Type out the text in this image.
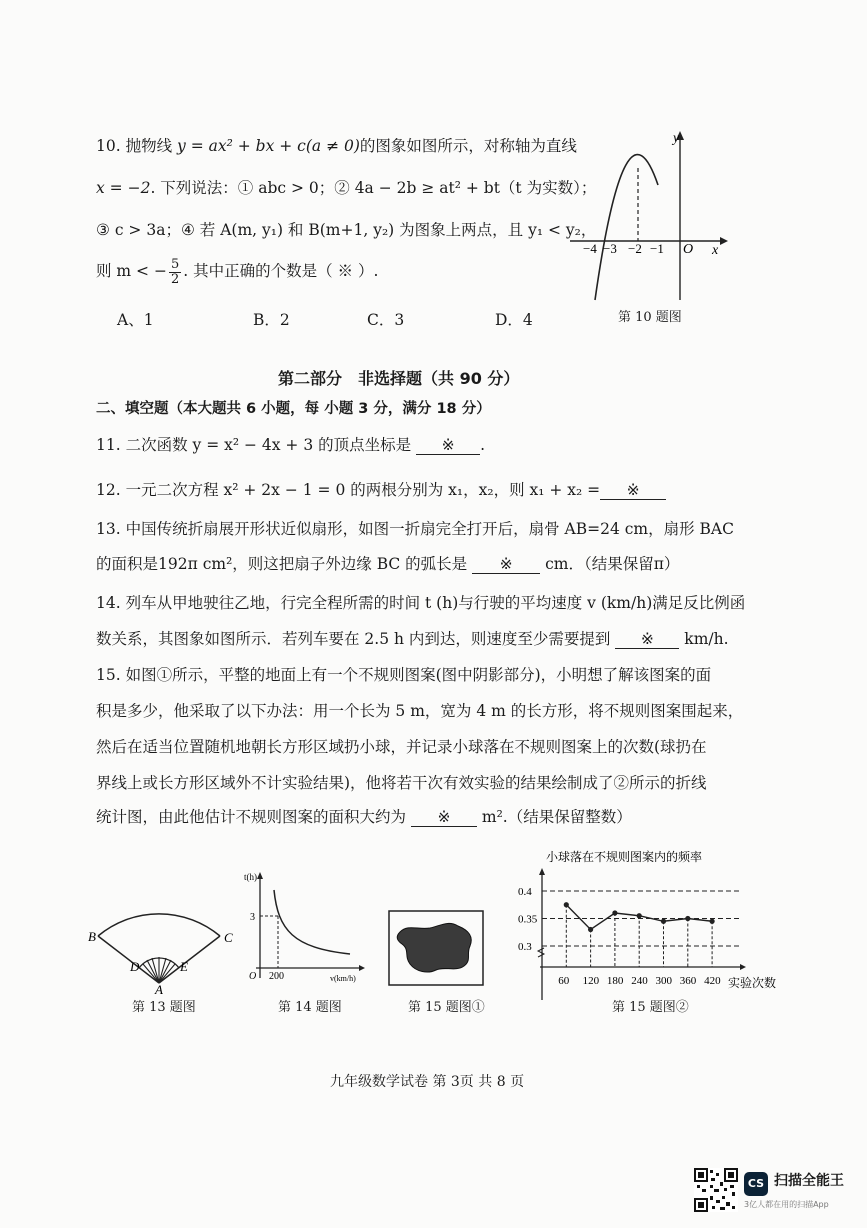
10. 抛物线 y = ax² + bx + c(a ≠ 0)的图象如图所示，对称轴为直线
x = −2. 下列说法：① abc > 0；② 4a − 2b ≥ at² + bt（t 为实数）；
③ c > 3a；④ 若 A(m, y₁) 和 B(m+1, y₂) 为图象上两点，且 y₁ < y₂，
则 m < − $\frac{5}{2}$ . 其中正确的个数是（ ※ ）.
A、1	B．2	C．3	D．4
y
x
O
−4 −3 −2 −1
第 10 题图
第二部分　非选择题（共 90 分）
二、填空题（本大题共 6 小题，每 小题 3 分，满分 18 分）
11. 二次函数 y = x² − 4x + 3 的顶点坐标是 ※ .
12. 一元二次方程 x² + 2x − 1 = 0 的两根分别为 x₁，x₂，则 x₁ + x₂ = ※
13. 中国传统折扇展开形状近似扇形，如图一折扇完全打开后，扇骨 AB=24 cm，扇形 BAC
的面积是192π cm²，则这把扇子外边缘 BC 的弧长是 ※ cm．（结果保留π）
14. 列车从甲地驶往乙地，行完全程所需的时间 t (h)与行驶的平均速度 v (km/h)满足反比例函
数关系，其图象如图所示．若列车要在 2.5 h 内到达，则速度至少需要提到 ※ km/h.
15. 如图①所示，平整的地面上有一个不规则图案(图中阴影部分)，小明想了解该图案的面
积是多少，他采取了以下办法：用一个长为 5 m，宽为 4 m 的长方形，将不规则图案围起来，
然后在适当位置随机地朝长方形区域扔小球，并记录小球落在不规则图案上的次数(球扔在
界线上或长方形区域外不计实验结果)，他将若干次有效实验的结果绘制成了②所示的折线
统计图，由此他估计不规则图案的面积大约为 ※ m².（结果保留整数）
B	C
D	E
A
第 13 题图
t(h)
v(km/h)
O
3
200
第 14 题图	第 15 题图①
小球落在不规则图案内的频率
60 120 180 240 300 360 420
0.3
0.35
0.4
实验次数
第 15 题图②
九年级数学试卷 第 3页 共 8 页
CS 扫描全能王
3亿人都在用的扫描App
